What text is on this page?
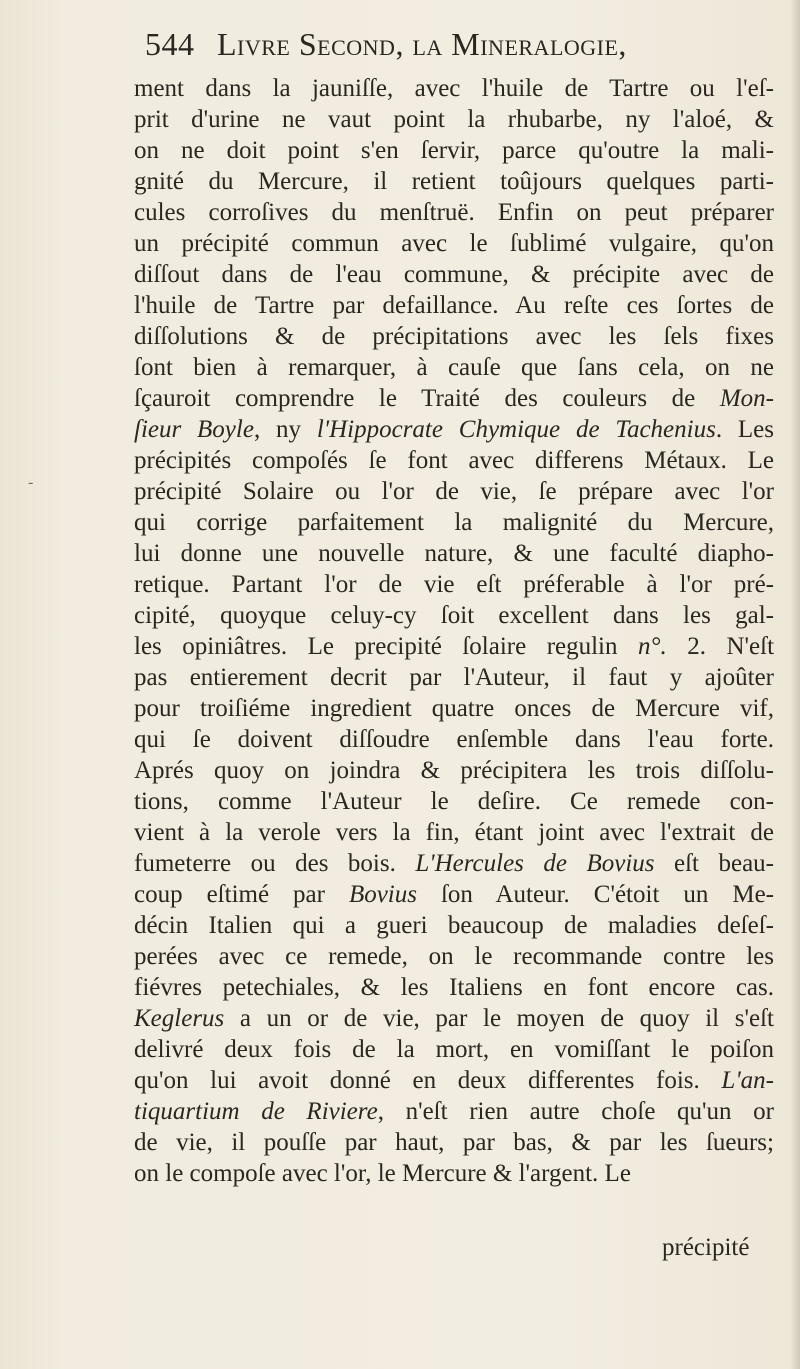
544 Livre Second, la Mineralogie,
-
ment dans la jauniſſe, avec l'huile de Tartre ou l'eſ-
prit d'urine ne vaut point la rhubarbe, ny l'aloé, &
on ne doit point s'en ſervir, parce qu'outre la mali-
gnité du Mercure, il retient toûjours quelques parti-
cules corroſives du menſtruë. Enfin on peut préparer
un précipité commun avec le ſublimé vulgaire, qu'on
diſſout dans de l'eau commune, & précipite avec de
l'huile de Tartre par defaillance. Au reſte ces ſortes de
diſſolutions & de précipitations avec les ſels fixes
ſont bien à remarquer, à cauſe que ſans cela, on ne
ſçauroit comprendre le Traité des couleurs de Mon-
ſieur Boyle, ny l'Hippocrate Chymique de Tachenius. Les
précipités compoſés ſe font avec differens Métaux. Le
précipité Solaire ou l'or de vie, ſe prépare avec l'or
qui corrige parfaitement la malignité du Mercure,
lui donne une nouvelle nature, & une faculté diapho-
retique. Partant l'or de vie eſt préferable à l'or pré-
cipité, quoyque celuy-cy ſoit excellent dans les gal-
les opiniâtres. Le precipité ſolaire regulin n°. 2. N'eſt
pas entierement decrit par l'Auteur, il faut y ajoûter
pour troiſiéme ingredient quatre onces de Mercure vif,
qui ſe doivent diſſoudre enſemble dans l'eau forte.
Aprés quoy on joindra & précipitera les trois diſſolu-
tions, comme l'Auteur le deſire. Ce remede con-
vient à la verole vers la fin, étant joint avec l'extrait de
fumeterre ou des bois. L'Hercules de Bovius eſt beau-
coup eſtimé par Bovius ſon Auteur. C'étoit un Me-
décin Italien qui a gueri beaucoup de maladies deſeſ-
perées avec ce remede, on le recommande contre les
fiévres petechiales, & les Italiens en font encore cas.
Keglerus a un or de vie, par le moyen de quoy il s'eſt
delivré deux fois de la mort, en vomiſſant le poiſon
qu'on lui avoit donné en deux differentes fois. L'an-
tiquartium de Riviere, n'eſt rien autre choſe qu'un or
de vie, il pouſſe par haut, par bas, & par les ſueurs;
on le compoſe avec l'or, le Mercure & l'argent. Le
précipité
